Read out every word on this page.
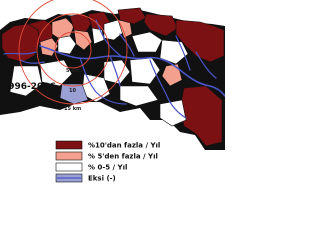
5 km
10
15 km
1996-2006
%10'dan fazla / Yıl
% 5'den fazla / Yıl
% 0-5 / Yıl
Eksi (-)
